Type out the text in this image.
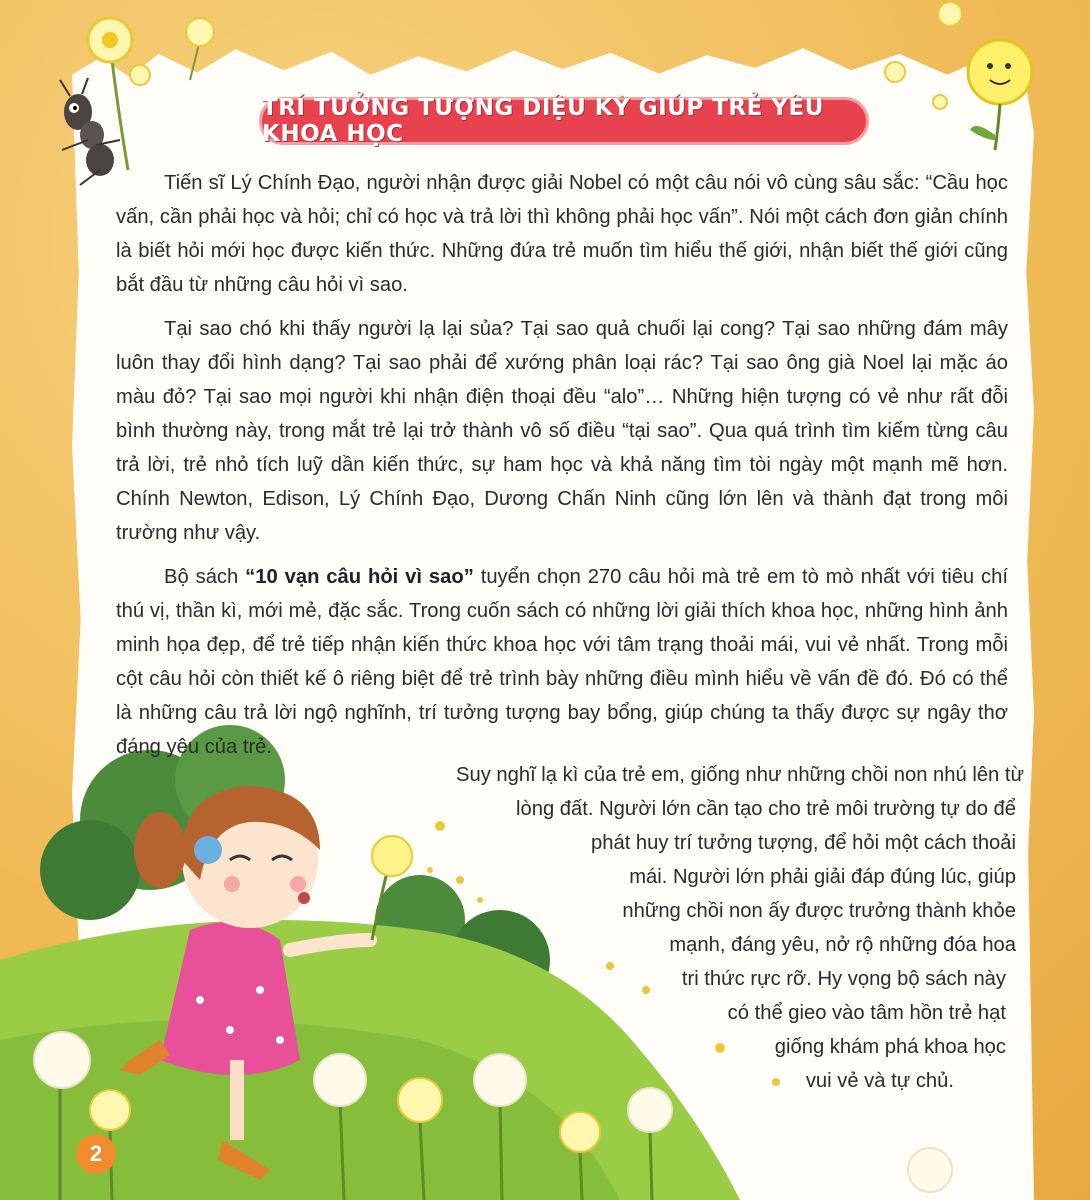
TRÍ TƯỞNG TƯỢNG DIỆU KỲ GIÚP TRẺ YÊU KHOA HỌC

Tiến sĩ Lý Chính Đạo, người nhận được giải Nobel có một câu nói vô cùng sâu sắc: “Cầu học vấn, cần phải học và hỏi; chỉ có học và trả lời thì không phải học vấn”. Nói một cách đơn giản chính là biết hỏi mới học được kiến thức. Những đứa trẻ muốn tìm hiểu thế giới, nhận biết thế giới cũng bắt đầu từ những câu hỏi vì sao.

Tại sao chó khi thấy người lạ lại sủa? Tại sao quả chuối lại cong? Tại sao những đám mây luôn thay đổi hình dạng? Tại sao phải để xướng phân loại rác? Tại sao ông già Noel lại mặc áo màu đỏ? Tại sao mọi người khi nhận điện thoại đều “alo”… Những hiện tượng có vẻ như rất đỗi bình thường này, trong mắt trẻ lại trở thành vô số điều “tại sao”. Qua quá trình tìm kiếm từng câu trả lời, trẻ nhỏ tích luỹ dần kiến thức, sự ham học và khả năng tìm tòi ngày một mạnh mẽ hơn. Chính Newton, Edison, Lý Chính Đạo, Dương Chấn Ninh cũng lớn lên và thành đạt trong môi trường như vậy.

Bộ sách “10 vạn câu hỏi vì sao” tuyển chọn 270 câu hỏi mà trẻ em tò mò nhất với tiêu chí thú vị, thần kì, mới mẻ, đặc sắc. Trong cuốn sách có những lời giải thích khoa học, những hình ảnh minh họa đẹp, để trẻ tiếp nhận kiến thức khoa học với tâm trạng thoải mái, vui vẻ nhất. Trong mỗi cột câu hỏi còn thiết kế ô riêng biệt để trẻ trình bày những điều mình hiểu về vấn đề đó. Đó có thể là những câu trả lời ngộ nghĩnh, trí tưởng tượng bay bổng, giúp chúng ta thấy được sự ngây thơ đáng yêu của trẻ.

Suy nghĩ lạ kì của trẻ em, giống như những chồi non nhú lên từ
lòng đất. Người lớn cần tạo cho trẻ môi trường tự do để
phát huy trí tưởng tượng, để hỏi một cách thoải
mái. Người lớn phải giải đáp đúng lúc, giúp
những chồi non ấy được trưởng thành khỏe
mạnh, đáng yêu, nở rộ những đóa hoa
tri thức rực rỡ. Hy vọng bộ sách này
có thể gieo vào tâm hồn trẻ hạt
giống khám phá khoa học
vui vẻ và tự chủ.
2
